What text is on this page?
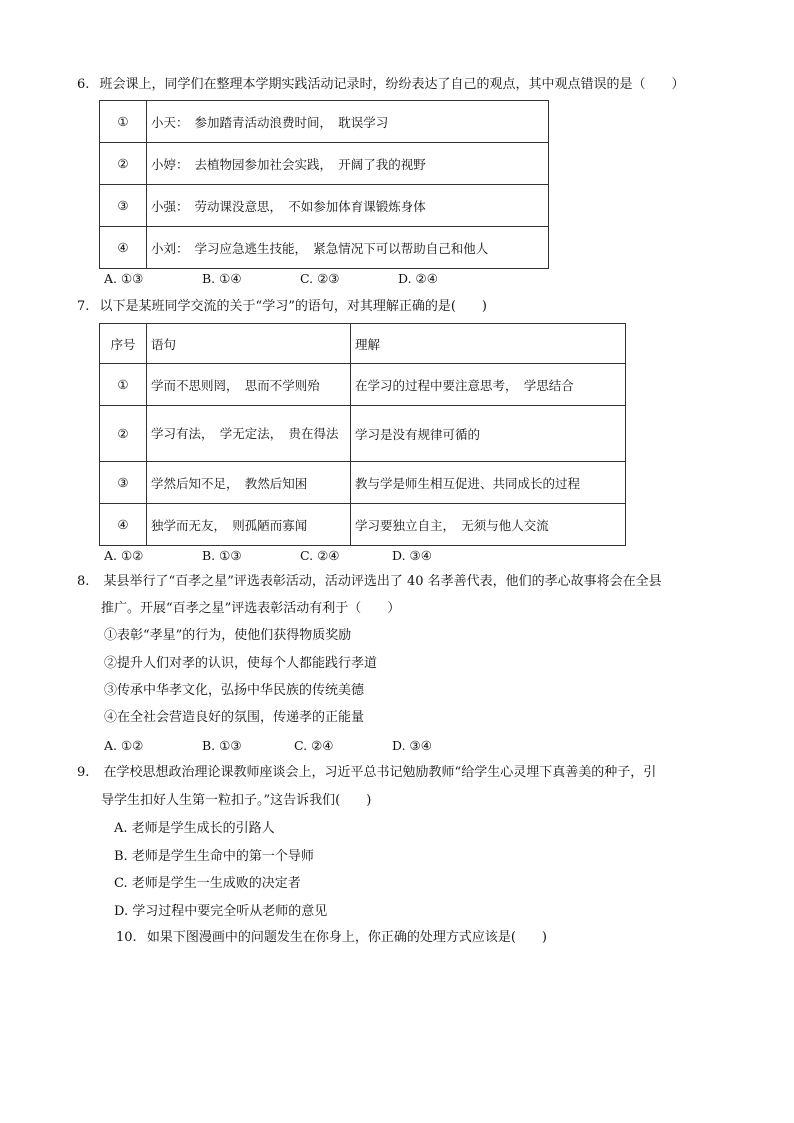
6. 班会课上，同学们在整理本学期实践活动记录时，纷纷表达了自己的观点，其中观点错误的是（　　）
①	小天： 参加踏青活动浪费时间，　耽误学习
②	小婷： 去植物园参加社会实践，　开阔了我的视野
③	小强： 劳动课没意思，　不如参加体育课锻炼身体
④	小刘： 学习应急逃生技能，　紧急情况下可以帮助自己和他人
A. ①③	B. ①④	C. ②③	D. ②④
7. 以下是某班同学交流的关于“学习”的语句，对其理解正确的是(　　)
序号	语句	理解
①	学而不思则罔，　思而不学则殆	在学习的过程中要注意思考，　学思结合
②	学习有法，　学无定法，　贵在得法	学习是没有规律可循的
③	学然后知不足，　教然后知困	教与学是师生相互促进、共同成长的过程
④	独学而无友，　则孤陋而寡闻	学习要独立自主，　无须与他人交流
A. ①②	B. ①③	C. ②④	D. ③④
8. 某县举行了“百孝之星”评选表彰活动，活动评选出了 40 名孝善代表，他们的孝心故事将会在全县
推广。开展“百孝之星”评选表彰活动有利于（　　）
①表彰“孝星”的行为，使他们获得物质奖励
②提升人们对孝的认识，使每个人都能践行孝道
③传承中华孝文化，弘扬中华民族的传统美德
④在全社会营造良好的氛围，传递孝的正能量
A. ①②	B. ①③	C. ②④	D. ③④
9. 在学校思想政治理论课教师座谈会上，习近平总书记勉励教师“给学生心灵埋下真善美的种子，引
导学生扣好人生第一粒扣子。”这告诉我们(　　)
A. 老师是学生成长的引路人
B. 老师是学生生命中的第一个导师
C. 老师是学生一生成败的决定者
D. 学习过程中要完全听从老师的意见
10. 如果下图漫画中的问题发生在你身上，你正确的处理方式应该是(　　)
